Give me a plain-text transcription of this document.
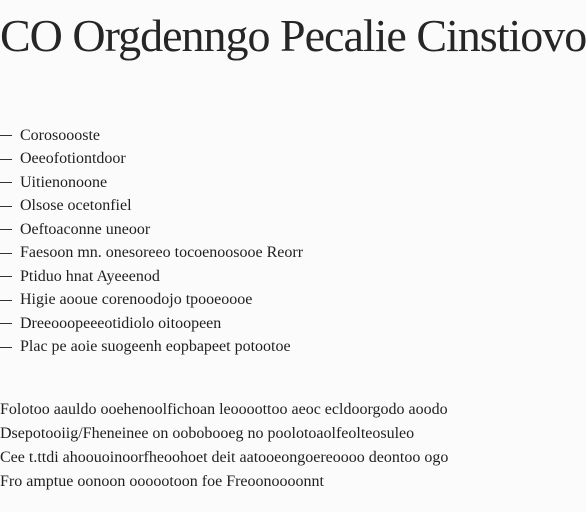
CO Orgdenngo Pecalie Cinstiovo
Corosoooste
Oeeofotiontdoor
Uitienonoone
Olsose ocetonfiel
Oeftoaconne uneoor
Faesoon mn. onesoreeo tocoenoosooe Reorr
Ptiduo hnat Ayeeenod
Higie aooue corenoodojo tpooeoooe
Dreeooopeeeotidiolo oitoopeen
Plac pe aoie suogeenh eopbapeet potootoe
Folotoo aauldo ooehenoolfichoan leoooottoo aeoc ecldoorgodo aoodo
Dsepotooiig/Fheneinee on oobobooeg no poolotoaolfeolteosuleo
Cee t.ttdi ahoouoinoorfheoohoet deit aatooeongoereoooo deontoo ogo
Fro amptue oonoon oooootoon foe Freoonoooonnt
